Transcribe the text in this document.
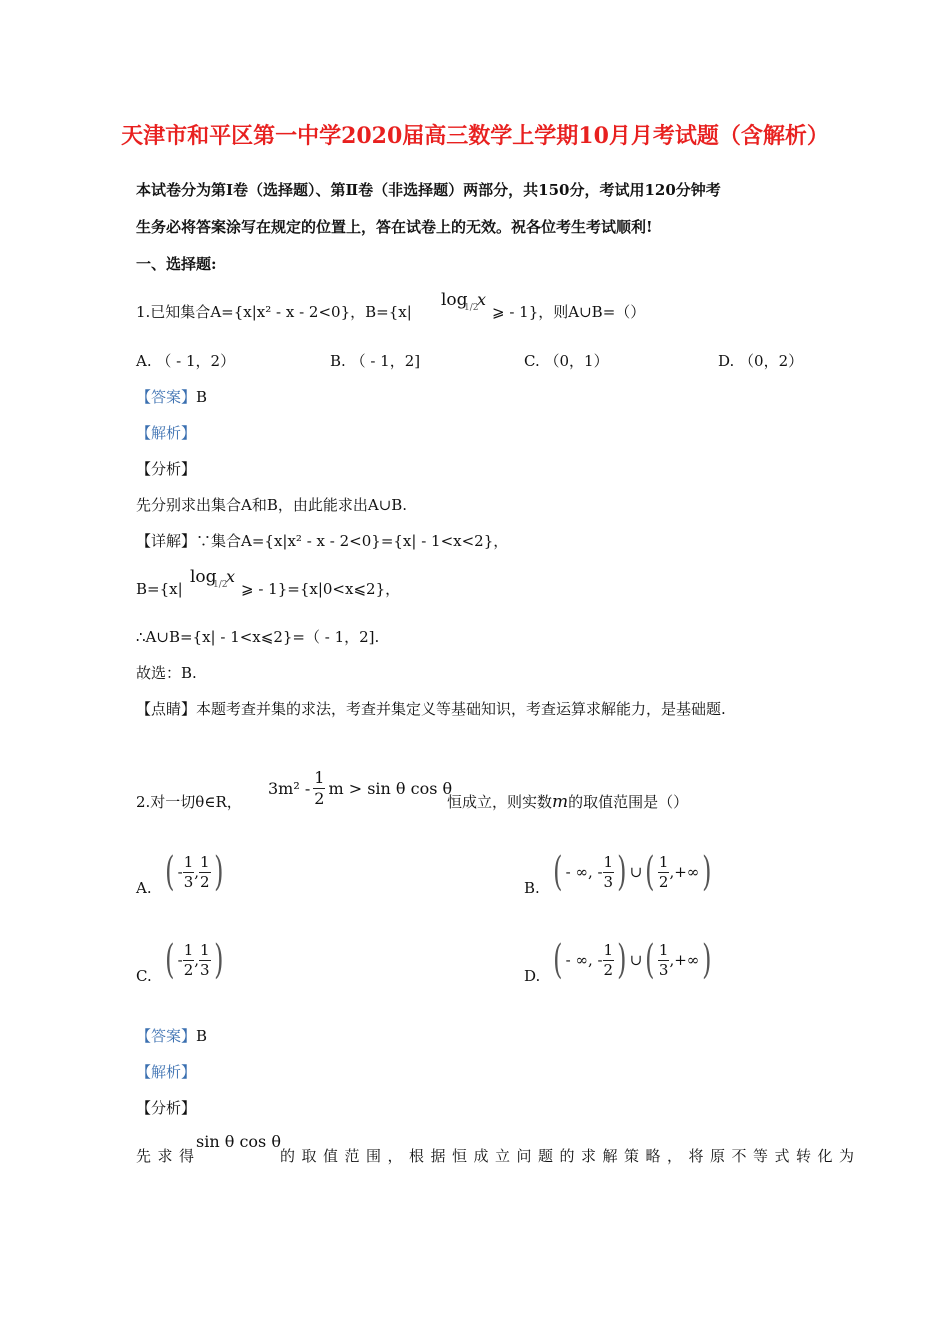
天津市和平区第一中学2020届高三数学上学期10月月考试题（含解析）
本试卷分为第Ⅰ卷（选择题）、第Ⅱ卷（非选择题）两部分，共150分，考试用120分钟考
生务必将答案涂写在规定的位置上，答在试卷上的无效。祝各位考生考试顺利!
一、选择题:
1.已知集合A={x|x² - x - 2<0}，B={x|
log
1/2
x
⩾ - 1}，则A∪B=（）
A. （ - 1，2）	B. （ - 1，2]	C. （0，1）	D. （0，2）
【答案】B
【解析】
【分析】
先分别求出集合A和B，由此能求出A∪B.
【详解】∵集合A={x|x² - x - 2<0}={x| - 1<x<2}，
B={x|
log
1/2
x
⩾ - 1}={x|0<x⩽2}，
∴A∪B={x| - 1<x⩽2}=（ - 1，2].
故选：B.
【点睛】本题考查并集的求法，考查并集定义等基础知识，考查运算求解能力，是基础题.
2.对一切θ∈R，
$3m^2 - \frac{1}{2}$ m > sin θ cos θ
恒成立，则实数m的取值范围是（）
A. ( - $\frac{1}{3}$ , $\frac{1}{2}$ )	B. ( - ∞, - $\frac{1}{3}$ ) ∪ ( $\frac{1}{2}$ ,+∞ )
C. ( - $\frac{1}{2}$ , $\frac{1}{3}$ )	D. ( - ∞, - $\frac{1}{2}$ ) ∪ ( $\frac{1}{3}$ ,+∞ )
【答案】B
【解析】
【分析】
先求得
sin θ cos θ
的取值范围，根据恒成立问题的求解策略，将原不等式转化为
